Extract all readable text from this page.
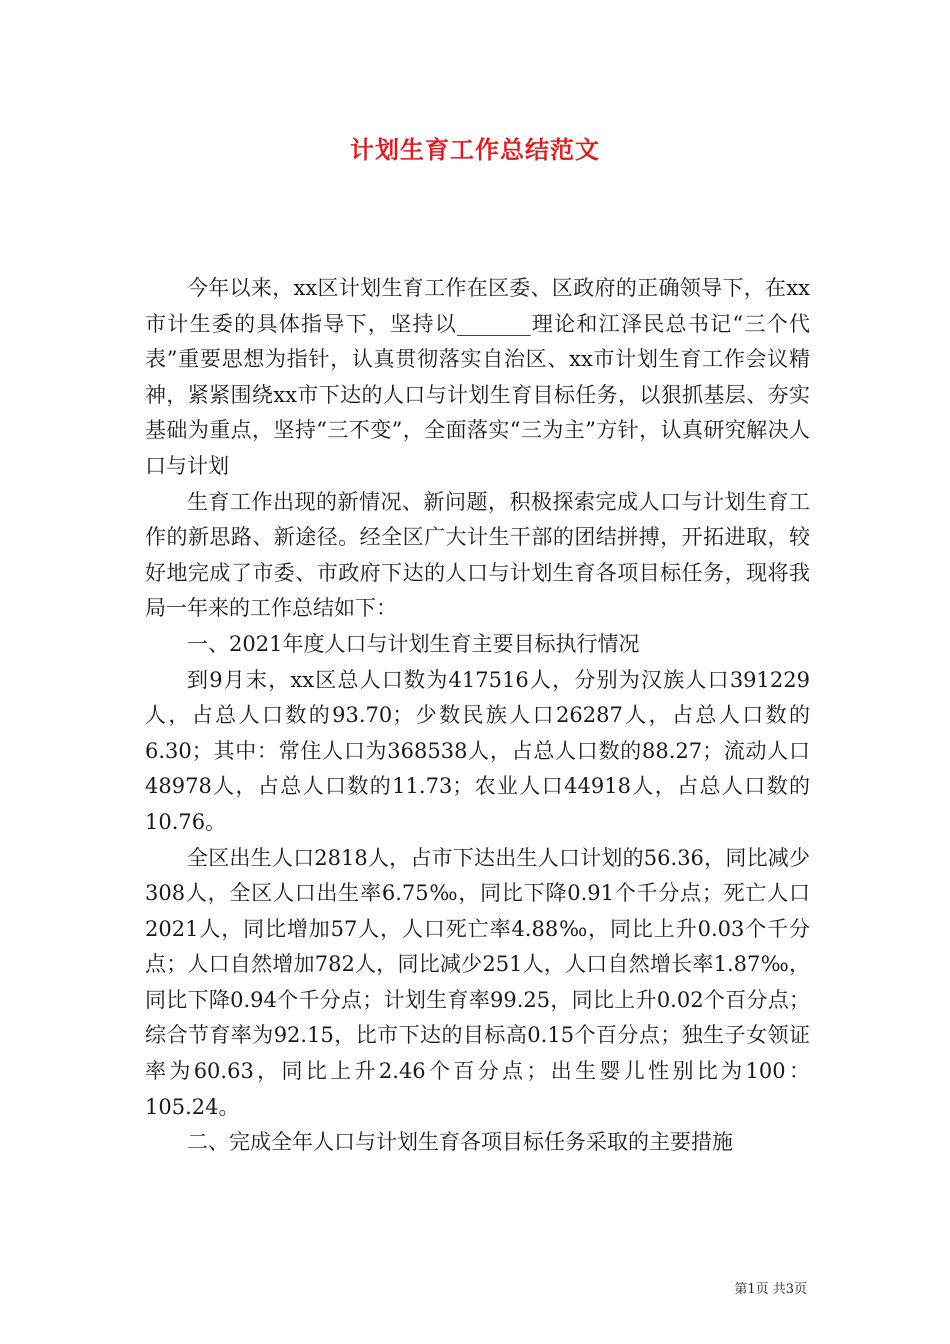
计划生育工作总结范文

今年以来，xx区计划生育工作在区委、区政府的正确领导下，在xx市计生委的具体指导下，坚持以_______理论和江泽民总书记“三个代表”重要思想为指针，认真贯彻落实自治区、xx市计划生育工作会议精神，紧紧围绕xx市下达的人口与计划生育目标任务，以狠抓基层、夯实基础为重点，坚持“三不变”，全面落实“三为主”方针，认真研究解决人口与计划

生育工作出现的新情况、新问题，积极探索完成人口与计划生育工作的新思路、新途径。经全区广大计生干部的团结拼搏，开拓进取，较好地完成了市委、市政府下达的人口与计划生育各项目标任务，现将我局一年来的工作总结如下：

一、2021年度人口与计划生育主要目标执行情况

到9月末，xx区总人口数为417516人，分别为汉族人口391229人，占总人口数的93.70；少数民族人口26287人，占总人口数的6.30；其中：常住人口为368538人，占总人口数的88.27；流动人口48978人，占总人口数的11.73；农业人口44918人，占总人口数的10.76。

全区出生人口2818人，占市下达出生人口计划的56.36，同比减少308人，全区人口出生率6.75‰，同比下降0.91个千分点；死亡人口2021人，同比增加57人，人口死亡率4.88‰，同比上升0.03个千分点；人口自然增加782人，同比减少251人，人口自然增长率1.87‰，同比下降0.94个千分点；计划生育率99.25，同比上升0.02个百分点；综合节育率为92.15，比市下达的目标高0.15个百分点；独生子女领证率为60.63，同比上升2.46个百分点；出生婴儿性别比为100：105.24。

二、完成全年人口与计划生育各项目标任务采取的主要措施

第1页 共3页
